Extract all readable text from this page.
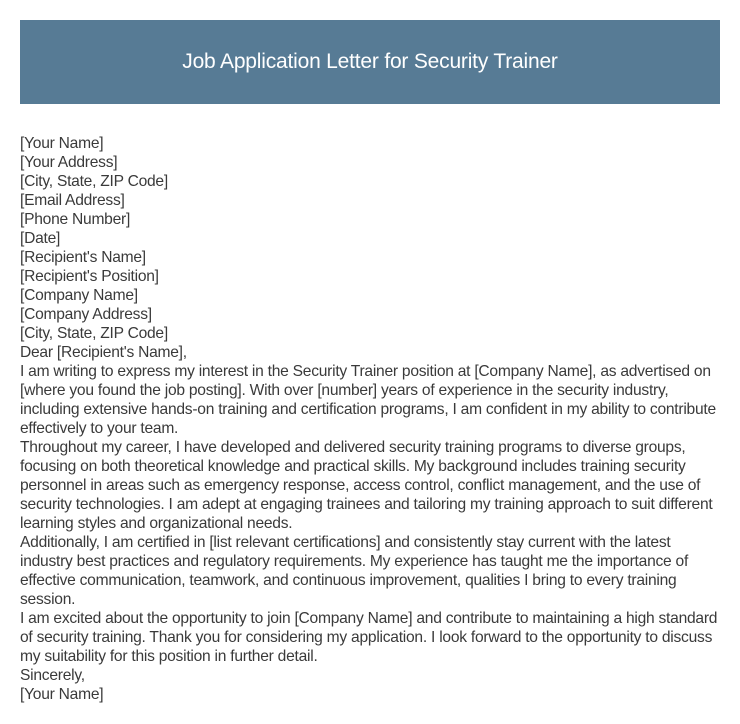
Job Application Letter for Security Trainer

[Your Name]

[Your Address]

[City, State, ZIP Code]

[Email Address]

[Phone Number]

[Date]

[Recipient's Name]

[Recipient's Position]

[Company Name]

[Company Address]

[City, State, ZIP Code]

Dear [Recipient's Name],

I am writing to express my interest in the Security Trainer position at [Company Name], as advertised on [where you found the job posting]. With over [number] years of experience in the security industry, including extensive hands-on training and certification programs, I am confident in my ability to contribute effectively to your team.

Throughout my career, I have developed and delivered security training programs to diverse groups, focusing on both theoretical knowledge and practical skills. My background includes training security personnel in areas such as emergency response, access control, conflict management, and the use of security technologies. I am adept at engaging trainees and tailoring my training approach to suit different learning styles and organizational needs.

Additionally, I am certified in [list relevant certifications] and consistently stay current with the latest industry best practices and regulatory requirements. My experience has taught me the importance of effective communication, teamwork, and continuous improvement, qualities I bring to every training session.

I am excited about the opportunity to join [Company Name] and contribute to maintaining a high standard of security training. Thank you for considering my application. I look forward to the opportunity to discuss my suitability for this position in further detail.

Sincerely,

[Your Name]
